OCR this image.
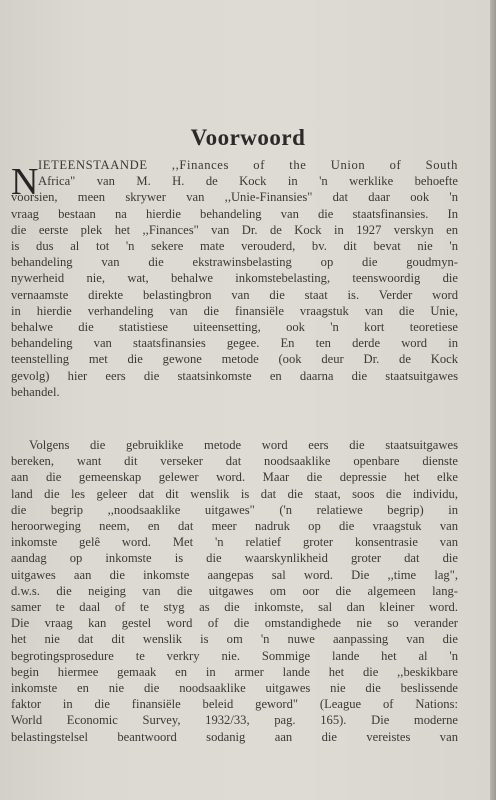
Voorwoord
N IETEENSTAANDE ,,Finances of the Union of South
Africa" van M. H. de Kock in 'n werklike behoefte
voorsien, meen skrywer van ,,Unie-Finansies" dat daar ook 'n
vraag bestaan na hierdie behandeling van die staatsfinansies. In
die eerste plek het ,,Finances" van Dr. de Kock in 1927 verskyn en
is dus al tot 'n sekere mate verouderd, bv. dit bevat nie 'n
behandeling van die ekstrawinsbelasting op die goudmyn-
nywerheid nie, wat, behalwe inkomstebelasting, teenswoordig die
vernaamste direkte belastingbron van die staat is. Verder word
in hierdie verhandeling van die finansiële vraagstuk van die Unie,
behalwe die statistiese uiteensetting, ook 'n kort teoretiese
behandeling van staatsfinansies gegee. En ten derde word in
teenstelling met die gewone metode (ook deur Dr. de Kock
gevolg) hier eers die staatsinkomste en daarna die staatsuitgawes
behandel.
Volgens die gebruiklike metode word eers die staatsuitgawes
bereken, want dit verseker dat noodsaaklike openbare dienste
aan die gemeenskap gelewer word. Maar die depressie het elke
land die les geleer dat dit wenslik is dat die staat, soos die individu,
die begrip ,,noodsaaklike uitgawes" ('n relatiewe begrip) in
heroorweging neem, en dat meer nadruk op die vraagstuk van
inkomste gelê word. Met 'n relatief groter konsentrasie van
aandag op inkomste is die waarskynlikheid groter dat die
uitgawes aan die inkomste aangepas sal word. Die ,,time lag",
d.w.s. die neiging van die uitgawes om oor die algemeen lang-
samer te daal of te styg as die inkomste, sal dan kleiner word.
Die vraag kan gestel word of die omstandighede nie so verander
het nie dat dit wenslik is om 'n nuwe aanpassing van die
begrotingsprosedure te verkry nie. Sommige lande het al 'n
begin hiermee gemaak en in armer lande het die ,,beskikbare
inkomste en nie die noodsaaklike uitgawes nie die beslissende
faktor in die finansiële beleid geword" (League of Nations:
World Economic Survey, 1932/33, pag. 165). Die moderne
belastingstelsel beantwoord sodanig aan die vereistes van
